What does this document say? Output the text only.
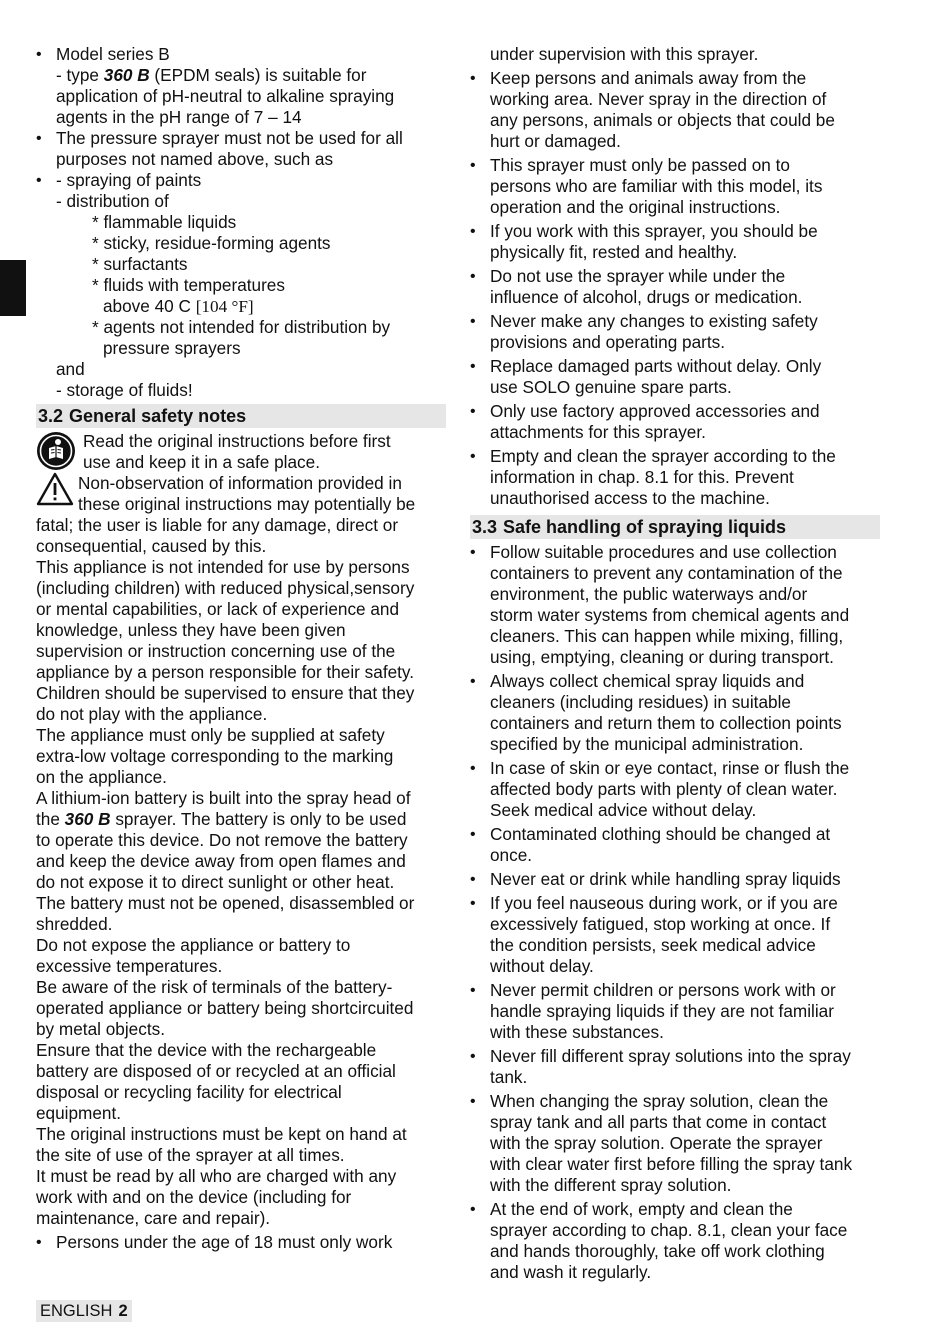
• Model series B
- type 360 B (EPDM seals) is suitable for
application of pH-neutral to alkaline spraying
agents in the pH range of 7 – 14
• The pressure sprayer must not be used for all
purposes not named above, such as
• - spraying of paints
- distribution of
* flammable liquids
* sticky, residue-forming agents
* surfactants
* fluids with temperatures
above 40 C [104 °F]
* agents not intended for distribution by
pressure sprayers
and
- storage of fluids!
3.2 General safety notes
Read the original instructions before first
use and keep it in a safe place.
Non-observation of information provided in
these original instructions may potentially be
fatal; the user is liable for any damage, direct or
consequential, caused by this.
This appliance is not intended for use by persons
(including children) with reduced physical,sensory
or mental capabilities, or lack of experience and
knowledge, unless they have been given
supervision or instruction concerning use of the
appliance by a person responsible for their safety.
Children should be supervised to ensure that they
do not play with the appliance.
The appliance must only be supplied at safety
extra-low voltage corresponding to the marking
on the appliance.
A lithium-ion battery is built into the spray head of
the 360 B sprayer. The battery is only to be used
to operate this device. Do not remove the battery
and keep the device away from open flames and
do not expose it to direct sunlight or other heat.
The battery must not be opened, disassembled or
shredded.
Do not expose the appliance or battery to
excessive temperatures.
Be aware of the risk of terminals of the battery-
operated appliance or battery being shortcircuited
by metal objects.
Ensure that the device with the rechargeable
battery are disposed of or recycled at an official
disposal or recycling facility for electrical
equipment.
The original instructions must be kept on hand at
the site of use of the sprayer at all times.
It must be read by all who are charged with any
work with and on the device (including for
maintenance, care and repair).
• Persons under the age of 18 must only work
under supervision with this sprayer.
• Keep persons and animals away from the
working area. Never spray in the direction of
any persons, animals or objects that could be
hurt or damaged.
• This sprayer must only be passed on to
persons who are familiar with this model, its
operation and the original instructions.
• If you work with this sprayer, you should be
physically fit, rested and healthy.
• Do not use the sprayer while under the
influence of alcohol, drugs or medication.
• Never make any changes to existing safety
provisions and operating parts.
• Replace damaged parts without delay. Only
use SOLO genuine spare parts.
• Only use factory approved accessories and
attachments for this sprayer.
• Empty and clean the sprayer according to the
information in chap. 8.1 for this. Prevent
unauthorised access to the machine.
3.3 Safe handling of spraying liquids
• Follow suitable procedures and use collection
containers to prevent any contamination of the
environment, the public waterways and/or
storm water systems from chemical agents and
cleaners. This can happen while mixing, filling,
using, emptying, cleaning or during transport.
• Always collect chemical spray liquids and
cleaners (including residues) in suitable
containers and return them to collection points
specified by the municipal administration.
• In case of skin or eye contact, rinse or flush the
affected body parts with plenty of clean water.
Seek medical advice without delay.
• Contaminated clothing should be changed at
once.
• Never eat or drink while handling spray liquids
• If you feel nauseous during work, or if you are
excessively fatigued, stop working at once. If
the condition persists, seek medical advice
without delay.
• Never permit children or persons work with or
handle spraying liquids if they are not familiar
with these substances.
• Never fill different spray solutions into the spray
tank.
• When changing the spray solution, clean the
spray tank and all parts that come in contact
with the spray solution. Operate the sprayer
with clear water first before filling the spray tank
with the different spray solution.
• At the end of work, empty and clean the
sprayer according to chap. 8.1, clean your face
and hands thoroughly, take off work clothing
and wash it regularly.
ENGLISH 2
